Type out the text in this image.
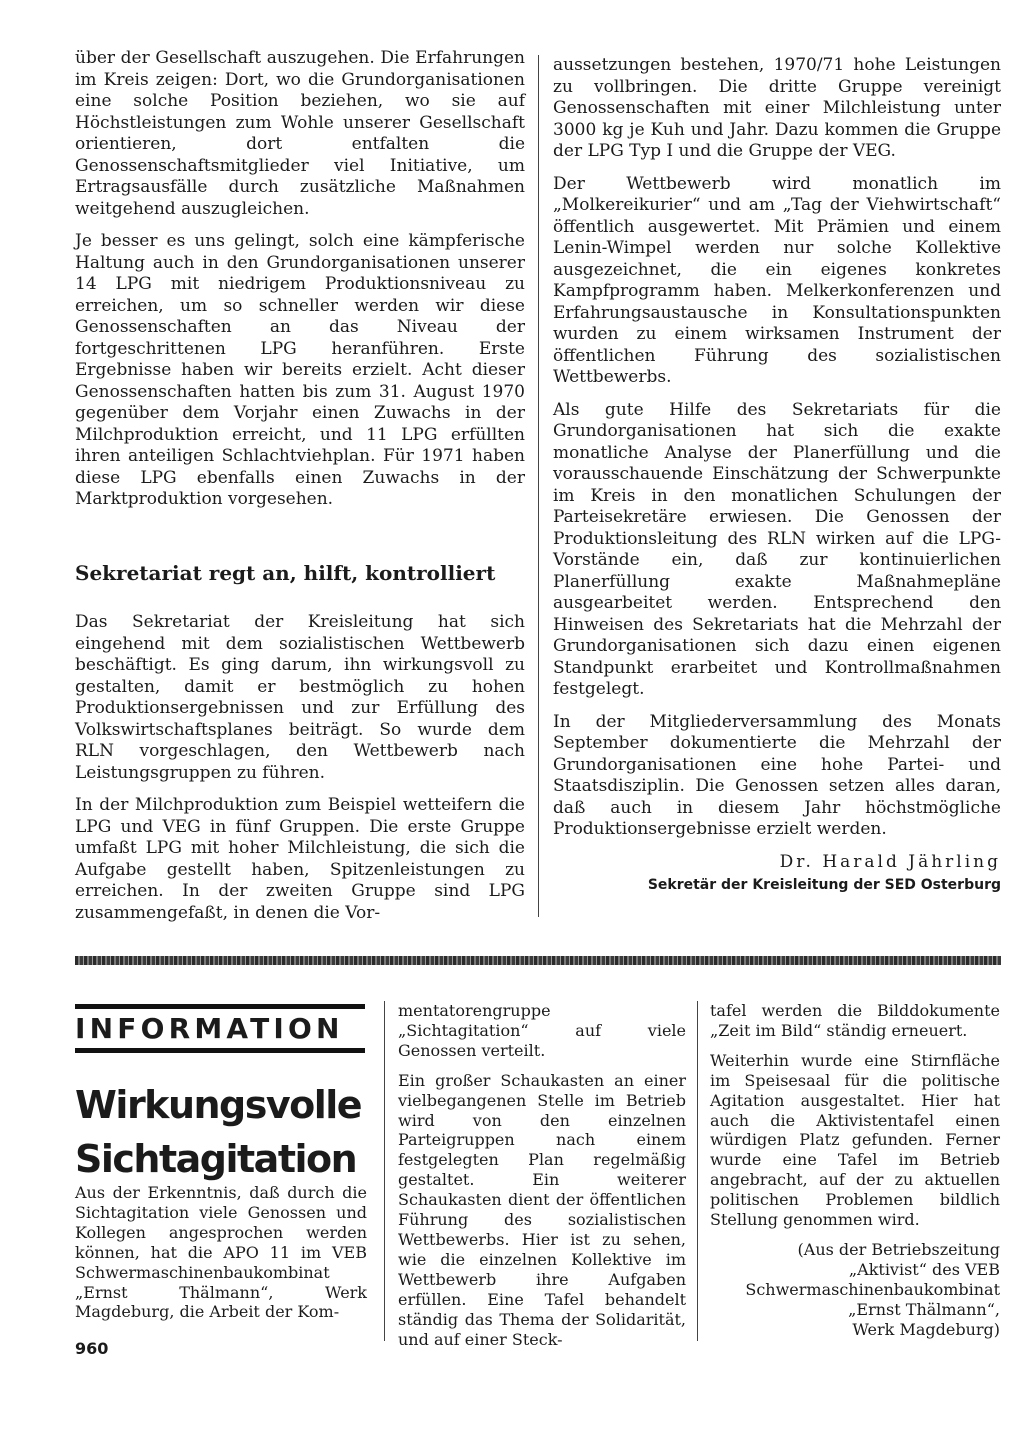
über der Gesellschaft auszugehen. Die Erfahrungen im Kreis zeigen: Dort, wo die Grundorganisationen eine solche Position beziehen, wo sie auf Höchstleistungen zum Wohle unserer Gesellschaft orientieren, dort entfalten die Genossenschaftsmitglieder viel Initiative, um Ertragsausfälle durch zusätzliche Maßnahmen weitgehend auszugleichen.

Je besser es uns gelingt, solch eine kämpferische Haltung auch in den Grundorganisationen unserer 14 LPG mit niedrigem Produktionsniveau zu erreichen, um so schneller werden wir diese Genossenschaften an das Niveau der fortgeschrittenen LPG heranführen. Erste Ergebnisse haben wir bereits erzielt. Acht dieser Genossenschaften hatten bis zum 31. August 1970 gegenüber dem Vorjahr einen Zuwachs in der Milchproduktion erreicht, und 11 LPG erfüllten ihren anteiligen Schlachtviehplan. Für 1971 haben diese LPG ebenfalls einen Zuwachs in der Marktproduktion vorgesehen.

Sekretariat regt an, hilft, kontrolliert

Das Sekretariat der Kreisleitung hat sich eingehend mit dem sozialistischen Wettbewerb beschäftigt. Es ging darum, ihn wirkungsvoll zu gestalten, damit er bestmöglich zu hohen Produktionsergebnissen und zur Erfüllung des Volkswirtschaftsplanes beiträgt. So wurde dem RLN vorgeschlagen, den Wettbewerb nach Leistungsgruppen zu führen.

In der Milchproduktion zum Beispiel wetteifern die LPG und VEG in fünf Gruppen. Die erste Gruppe umfaßt LPG mit hoher Milchleistung, die sich die Aufgabe gestellt haben, Spitzenleistungen zu erreichen. In der zweiten Gruppe sind LPG zusammengefaßt, in denen die Vor-

aussetzungen bestehen, 1970/71 hohe Leistungen zu vollbringen. Die dritte Gruppe vereinigt Genossenschaften mit einer Milchleistung unter 3000 kg je Kuh und Jahr. Dazu kommen die Gruppe der LPG Typ I und die Gruppe der VEG.

Der Wettbewerb wird monatlich im „Molkereikurier“ und am „Tag der Viehwirtschaft“ öffentlich ausgewertet. Mit Prämien und einem Lenin-Wimpel werden nur solche Kollektive ausgezeichnet, die ein eigenes konkretes Kampfprogramm haben. Melkerkonferenzen und Erfahrungsaustausche in Konsultationspunkten wurden zu einem wirksamen Instrument der öffentlichen Führung des sozialistischen Wettbewerbs.

Als gute Hilfe des Sekretariats für die Grundorganisationen hat sich die exakte monatliche Analyse der Planerfüllung und die vorausschauende Einschätzung der Schwerpunkte im Kreis in den monatlichen Schulungen der Parteisekretäre erwiesen. Die Genossen der Produktionsleitung des RLN wirken auf die LPG-Vorstände ein, daß zur kontinuierlichen Planerfüllung exakte Maßnahmepläne ausgearbeitet werden. Entsprechend den Hinweisen des Sekretariats hat die Mehrzahl der Grundorganisationen sich dazu einen eigenen Standpunkt erarbeitet und Kontrollmaßnahmen festgelegt.

In der Mitgliederversammlung des Monats September dokumentierte die Mehrzahl der Grundorganisationen eine hohe Partei- und Staatsdisziplin. Die Genossen setzen alles daran, daß auch in diesem Jahr höchstmögliche Produktionsergebnisse erzielt werden.

Dr. Harald Jährling
Sekretär der Kreisleitung der SED Osterburg
INFORMATION
Wirkungsvolle
Sichtagitation

Aus der Erkenntnis, daß durch die Sichtagitation viele Genossen und Kollegen angesprochen werden können, hat die APO 11 im VEB Schwermaschinenbaukombinat „Ernst Thälmann“, Werk Magdeburg, die Arbeit der Kom-

mentatorengruppe „Sichtagitation“ auf viele Genossen verteilt.

Ein großer Schaukasten an einer vielbegangenen Stelle im Betrieb wird von den einzelnen Parteigruppen nach einem festgelegten Plan regelmäßig gestaltet. Ein weiterer Schaukasten dient der öffentlichen Führung des sozialistischen Wettbewerbs. Hier ist zu sehen, wie die einzelnen Kollektive im Wettbewerb ihre Aufgaben erfüllen. Eine Tafel behandelt ständig das Thema der Solidarität, und auf einer Steck-

tafel werden die Bilddokumente „Zeit im Bild“ ständig erneuert.

Weiterhin wurde eine Stirnfläche im Speisesaal für die politische Agitation ausgestaltet. Hier hat auch die Aktivistentafel einen würdigen Platz gefunden. Ferner wurde eine Tafel im Betrieb angebracht, auf der zu aktuellen politischen Problemen bildlich Stellung genommen wird.

(Aus der Betriebszeitung
„Aktivist“ des VEB
Schwermaschinenbaukombinat
„Ernst Thälmann“,
Werk Magdeburg)
960
